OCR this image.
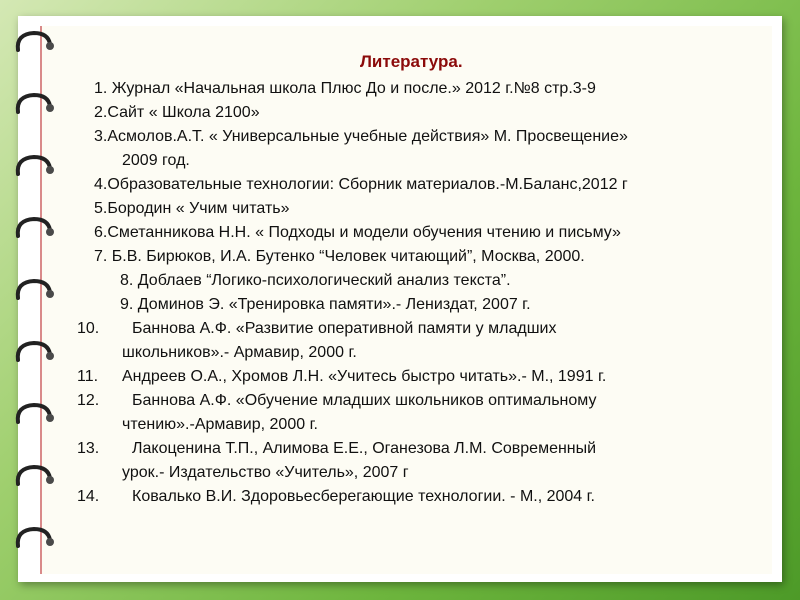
Литература.
1. Журнал «Начальная школа Плюс До и после.» 2012 г.№8 стр.3-9
2.Сайт « Школа 2100»
3.Асмолов.А.Т. « Универсальные учебные действия» М. Просвещение»
2009 год.
4.Образовательные технологии: Сборник материалов.-М.Баланс,2012 г
5.Бородин « Учим читать»
6.Сметанникова Н.Н. « Подходы и модели обучения чтению и письму»
7. Б.В. Бирюков, И.А. Бутенко “Человек читающий”, Москва, 2000.
8. Доблаев “Логико-психологический анализ текста”.
9. Доминов Э. «Тренировка памяти».- Лениздат, 2007 г.
10. Баннова А.Ф. «Развитие оперативной памяти у младших
школьников».- Армавир, 2000 г.
11. Андреев О.А., Хромов Л.Н. «Учитесь быстро читать».- М., 1991 г.
12. Баннова А.Ф. «Обучение младших школьников оптимальному
чтению».-Армавир, 2000 г.
13. Лакоценина Т.П., Алимова Е.Е., Оганезова Л.М. Современный
урок.- Издательство «Учитель», 2007 г
14. Ковалько В.И. Здоровьесберегающие технологии. - М., 2004 г.
